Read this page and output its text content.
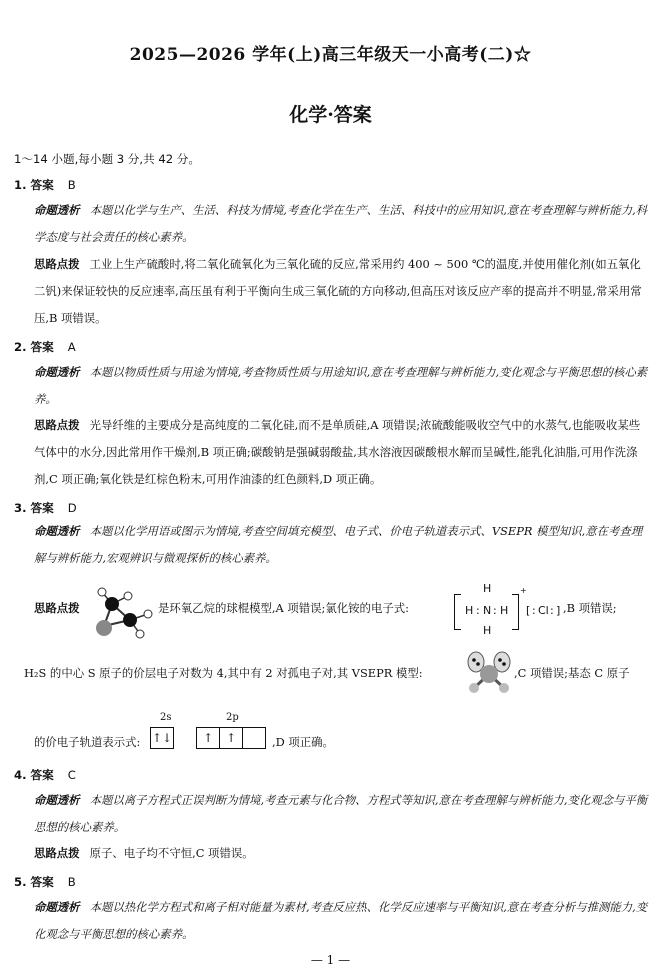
2025—2026 学年(上)高三年级天一小高考(二)☆
化学·答案
1～14 小题,每小题 3 分,共 42 分。
1. 答案 B
命题透析 本题以化学与生产、生活、科技为情境,考查化学在生产、生活、科技中的应用知识,意在考查理解与辨析能力,科学态度与社会责任的核心素养。
思路点拨 工业上生产硫酸时,将二氧化硫氧化为三氧化硫的反应,常采用约 400 ~ 500 ℃的温度,并使用催化剂(如五氧化二钒)来保证较快的反应速率,高压虽有利于平衡向生成三氧化硫的方向移动,但高压对该反应产率的提高并不明显,常采用常压,B 项错误。
2. 答案 A
命题透析 本题以物质性质与用途为情境,考查物质性质与用途知识,意在考查理解与辨析能力,变化观念与平衡思想的核心素养。
思路点拨 光导纤维的主要成分是高纯度的二氧化硅,而不是单质硅,A 项错误;浓硫酸能吸收空气中的水蒸气,也能吸收某些气体中的水分,因此常用作干燥剂,B 项正确;碳酸钠是强碱弱酸盐,其水溶液因碳酸根水解而呈碱性,能乳化油脂,可用作洗涤剂,C 项正确;氧化铁是红棕色粉末,可用作油漆的红色颜料,D 项正确。
3. 答案 D
命题透析 本题以化学用语或图示为情境,考查空间填充模型、电子式、价电子轨道表示式、VSEPR 模型知识,意在考查理解与辨析能力,宏观辨识与微观探析的核心素养。
思路点拨	是环氧乙烷的球棍模型,A 项错误;氯化铵的电子式:
H
H : N : H
H
+
[ : Cl : ] ,B 项错误;
H₂S 的中心 S 原子的价层电子对数为 4,其中有 2 对孤电子对,其 VSEPR 模型:	,C 项错误;基态 C 原子
2s	2p
的价电子轨道表示式: ↑↓	↑ ↑	,D 项正确。
4. 答案 C
命题透析 本题以离子方程式正误判断为情境,考查元素与化合物、方程式等知识,意在考查理解与辨析能力,变化观念与平衡思想的核心素养。
思路点拨 原子、电子均不守恒,C 项错误。
5. 答案 B
命题透析 本题以热化学方程式和离子相对能量为素材,考查反应热、化学反应速率与平衡知识,意在考查分析与推测能力,变化观念与平衡思想的核心素养。
— 1 —
